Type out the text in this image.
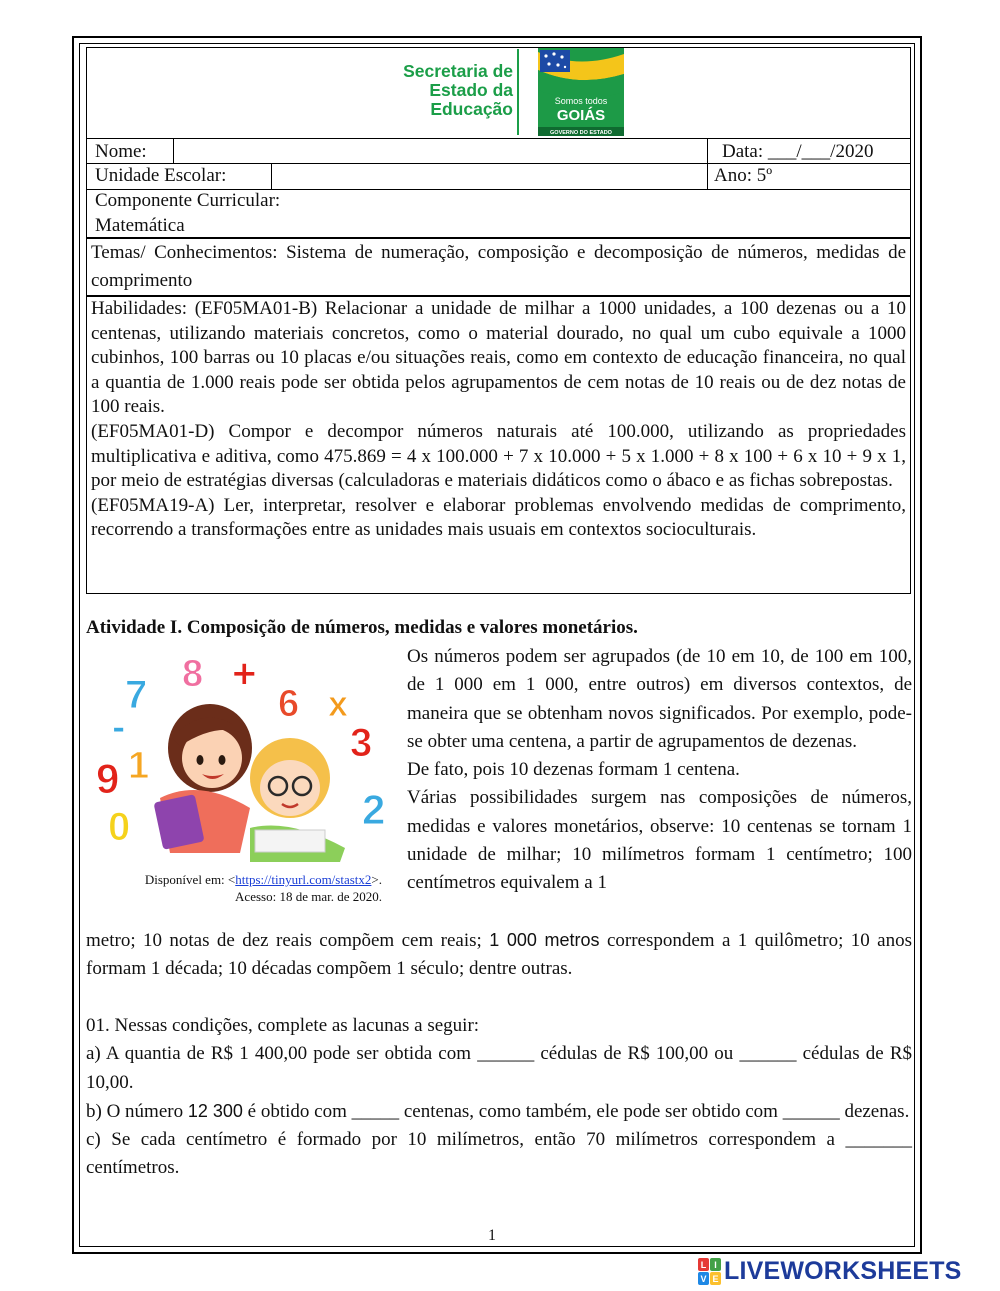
Secretaria de
Estado da
Educação	Somos todos
GOIÁS
GOVERNO DO ESTADO
Nome:	Data: ___/___/2020
Unidade Escolar:	Ano: 5º
Componente Curricular:
Matemática

Temas/ Conhecimentos: Sistema de numeração, composição e decomposição de números, medidas de comprimento

Habilidades: (EF05MA01-B) Relacionar a unidade de milhar a 1000 unidades, a 100 dezenas ou a 10 centenas, utilizando materiais concretos, como o material dourado, no qual um cubo equivale a 1000 cubinhos, 100 barras ou 10 placas e/ou situações reais, como em contexto de educação financeira, no qual a quantia de 1.000 reais pode ser obtida pelos agrupamentos de cem notas de 10 reais ou de dez notas de 100 reais.

(EF05MA01-D) Compor e decompor números naturais até 100.000, utilizando as propriedades multiplicativa e aditiva, como 475.869 = 4 x 100.000 + 7 x 10.000 + 5 x 1.000 + 8 x 100 + 6 x 10 + 9 x 1, por meio de estratégias diversas (calculadoras e materiais didáticos como o ábaco e as fichas sobrepostas.

(EF05MA19-A) Ler, interpretar, resolver e elaborar problemas envolvendo medidas de comprimento, recorrendo a transformações entre as unidades mais usuais em contextos socioculturais.

Atividade I. Composição de números, medidas e valores monetários.
8 +
7	6 x
3
9 1
-
2
0
Disponível em: <https://tinyurl.com/stastx2>.
Acesso: 18 de mar. de 2020.

Os números podem ser agrupados (de 10 em 10, de 100 em 100, de 1 000 em 1 000, entre outros) em diversos contextos, de maneira que se obtenham novos significados. Por exemplo, pode-se obter uma centena, a partir de agrupamentos de dezenas.

De fato, pois 10 dezenas formam 1 centena.

Várias possibilidades surgem nas composições de números, medidas e valores monetários, observe: 10 centenas se tornam 1 unidade de milhar; 10 milímetros formam 1 centímetro; 100 centímetros equivalem a 1

metro; 10 notas de dez reais compõem cem reais; 1 000 metros correspondem a 1 quilômetro; 10 anos formam 1 década; 10 décadas compõem 1 século; dentre outras.

01. Nessas condições, complete as lacunas a seguir:

a) A quantia de R$ 1 400,00 pode ser obtida com ______ cédulas de R$ 100,00 ou ______ cédulas de R$ 10,00.

b) O número 12 300 é obtido com _____ centenas, como também, ele pode ser obtido com ______ dezenas.

c) Se cada centímetro é formado por 10 milímetros, então 70 milímetros correspondem a _______ centímetros.

1
L I
V E LIVEWORKSHEETS
